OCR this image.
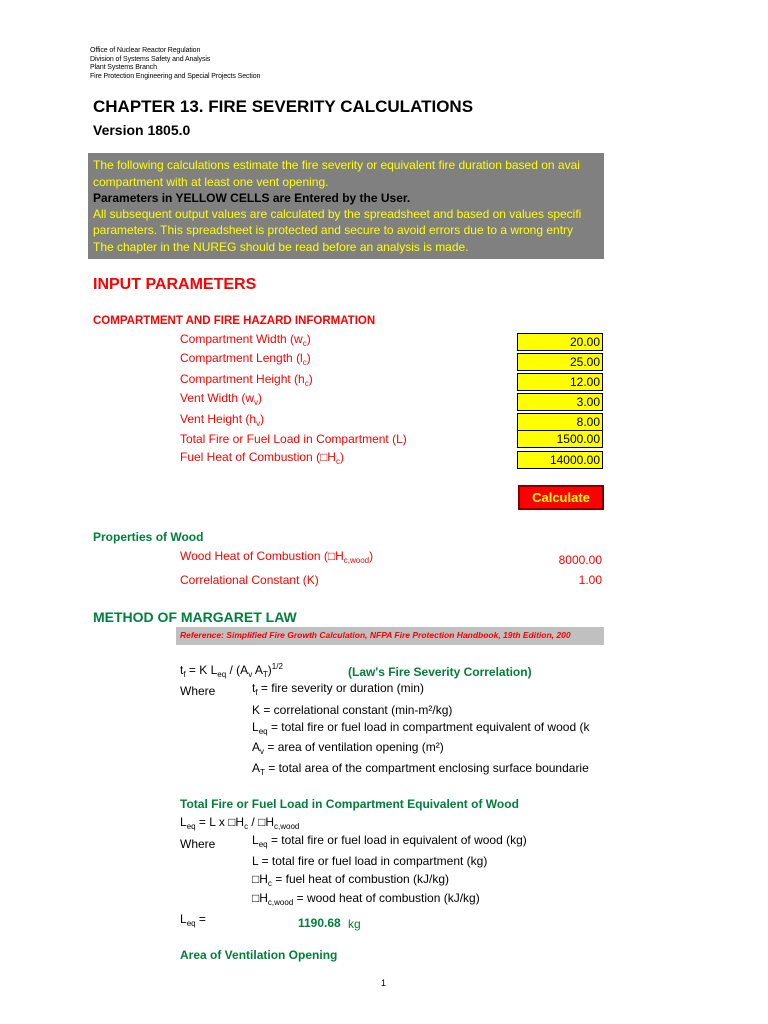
Office of Nuclear Reactor Regulation
Division of Systems Safety and Analysis
Plant Systems Branch
Fire Protection Engineering and Special Projects Section
CHAPTER 13. FIRE SEVERITY CALCULATIONS
Version 1805.0
The following calculations estimate the fire severity or equivalent fire duration based on avai
compartment with at least one vent opening.
Parameters in YELLOW CELLS are Entered by the User.
All subsequent output values are calculated by the spreadsheet and based on values specifi
parameters. This spreadsheet is protected and secure to avoid errors due to a wrong entry
The chapter in the NUREG should be read before an analysis is made.
INPUT PARAMETERS
COMPARTMENT AND FIRE HAZARD INFORMATION
Compartment Width $(w_c)$	20.00
Compartment Length $(l_c)$	25.00
Compartment Height $(h_c)$	12.00
Vent Width $(w_v)$	3.00
Vent Height $(h_v)$	8.00
Total Fire or Fuel Load in Compartment (L)	1500.00
Fuel Heat of Combustion $(□H_c)$	14000.00
Calculate
Properties of Wood
Wood Heat of Combustion $(□H_{c,wood})$	8000.00
Correlational Constant (K)	1.00
METHOD OF MARGARET LAW
Reference: Simplified Fire Growth Calculation, NFPA Fire Protection Handbook, 19th Edition, 200
$t_f = K$ $L_{eq} / (A_v$ $A_T)^{1/2}$	(Law's Fire Severity Correlation)
Where	$t_f$ = fire severity or duration (min)
K = correlational constant (min-m²/kg)
$L_{eq}$ = total fire or fuel load in compartment equivalent of wood (k
$A_v$ = area of ventilation opening (m²)
$A_T$ = total area of the compartment enclosing surface boundarie
Total Fire or Fuel Load in Compartment Equivalent of Wood
$L_{eq} = L$ x $□H_c$ / $□H_{c,wood}$
Where	$L_{eq}$ = total fire or fuel load in equivalent of wood (kg)
L = total fire or fuel load in compartment (kg)
$□H_c$ = fuel heat of combustion (kJ/kg)
$□H_{c,wood}$ = wood heat of combustion (kJ/kg)
$L_{eq}$ =	1190.68 kg
Area of Ventilation Opening
1
